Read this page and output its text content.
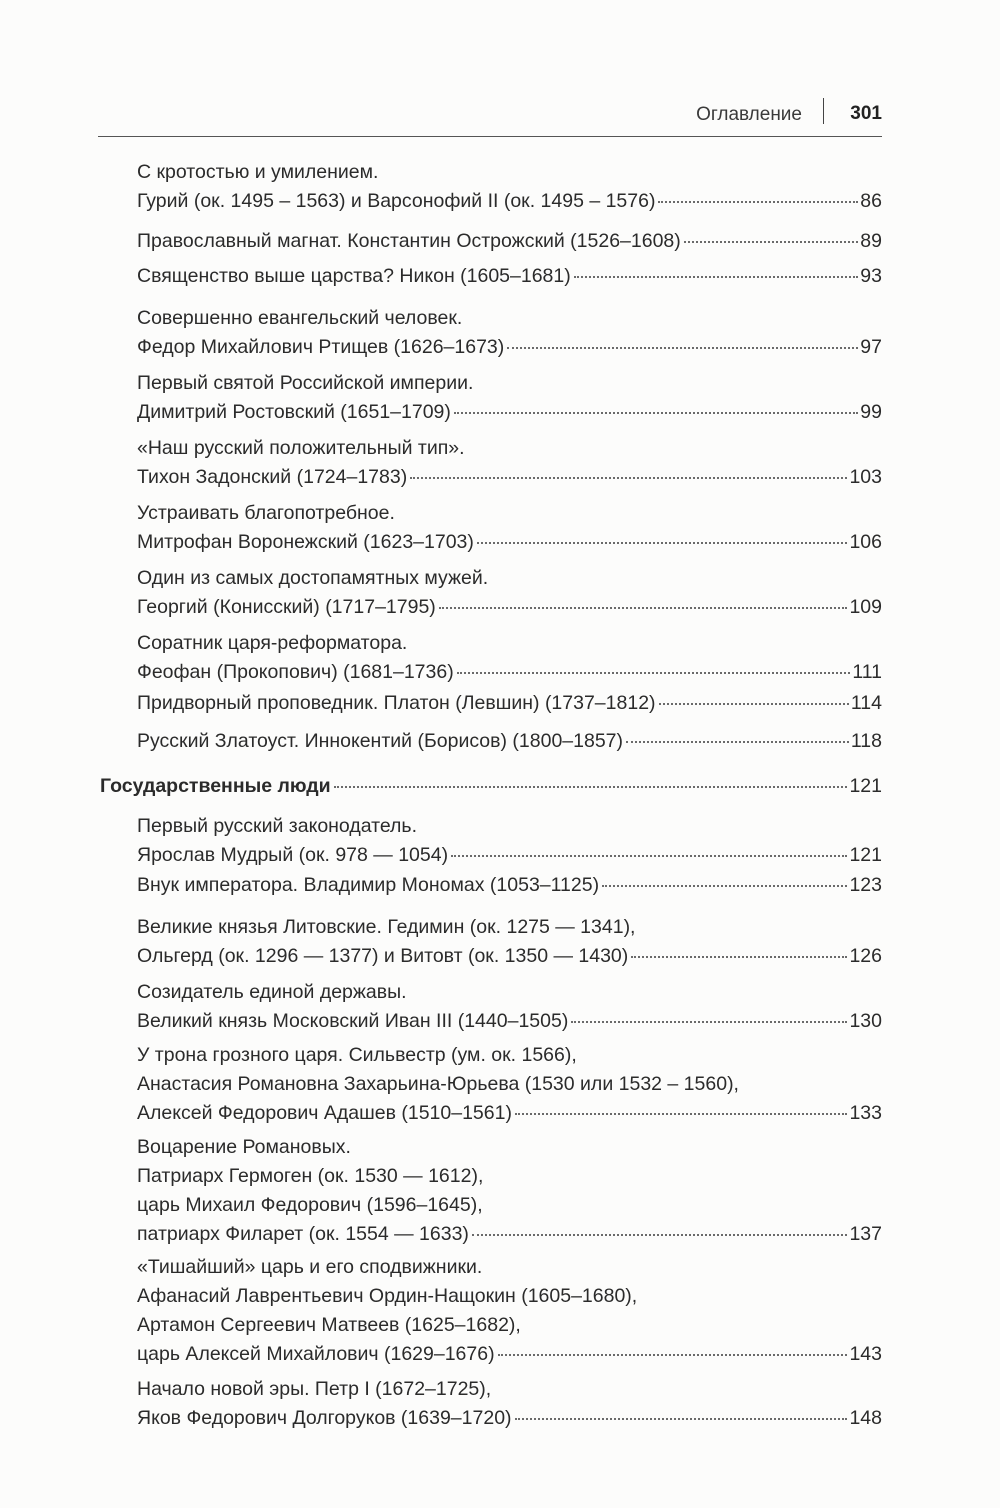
Оглавление	301
С кротостью и умилением.
Гурий (ок. 1495 – 1563) и Варсонофий II (ок. 1495 – 1576)	86
Православный магнат. Константин Острожский (1526–1608)	89
Священство выше царства? Никон (1605–1681)	93
Совершенно евангельский человек.
Федор Михайлович Ртищев (1626–1673)	97
Первый святой Российской империи.
Димитрий Ростовский (1651–1709)	99
«Наш русский положительный тип».
Тихон Задонский (1724–1783)	103
Устраивать благопотребное.
Митрофан Воронежский (1623–1703)	106
Один из самых достопамятных мужей.
Георгий (Конисский) (1717–1795)	109
Соратник царя-реформатора.
Феофан (Прокопович) (1681–1736)	111
Придворный проповедник. Платон (Левшин) (1737–1812)	114
Русский Златоуст. Иннокентий (Борисов) (1800–1857)	118
Государственные люди	121
Первый русский законодатель.
Ярослав Мудрый (ок. 978 — 1054)	121
Внук императора. Владимир Мономах (1053–1125)	123
Великие князья Литовские. Гедимин (ок. 1275 — 1341),
Ольгерд (ок. 1296 — 1377) и Витовт (ок. 1350 — 1430)	126
Созидатель единой державы.
Великий князь Московский Иван III (1440–1505)	130
У трона грозного царя. Сильвестр (ум. ок. 1566),
Анастасия Романовна Захарьина-Юрьева (1530 или 1532 – 1560),
Алексей Федорович Адашев (1510–1561)	133
Воцарение Романовых.
Патриарх Гермоген (ок. 1530 — 1612),
царь Михаил Федорович (1596–1645),
патриарх Филарет (ок. 1554 — 1633)	137
«Тишайший» царь и его сподвижники.
Афанасий Лаврентьевич Ордин-Нащокин (1605–1680),
Артамон Сергеевич Матвеев (1625–1682),
царь Алексей Михайлович (1629–1676)	143
Начало новой эры. Петр I (1672–1725),
Яков Федорович Долгоруков (1639–1720)	148
